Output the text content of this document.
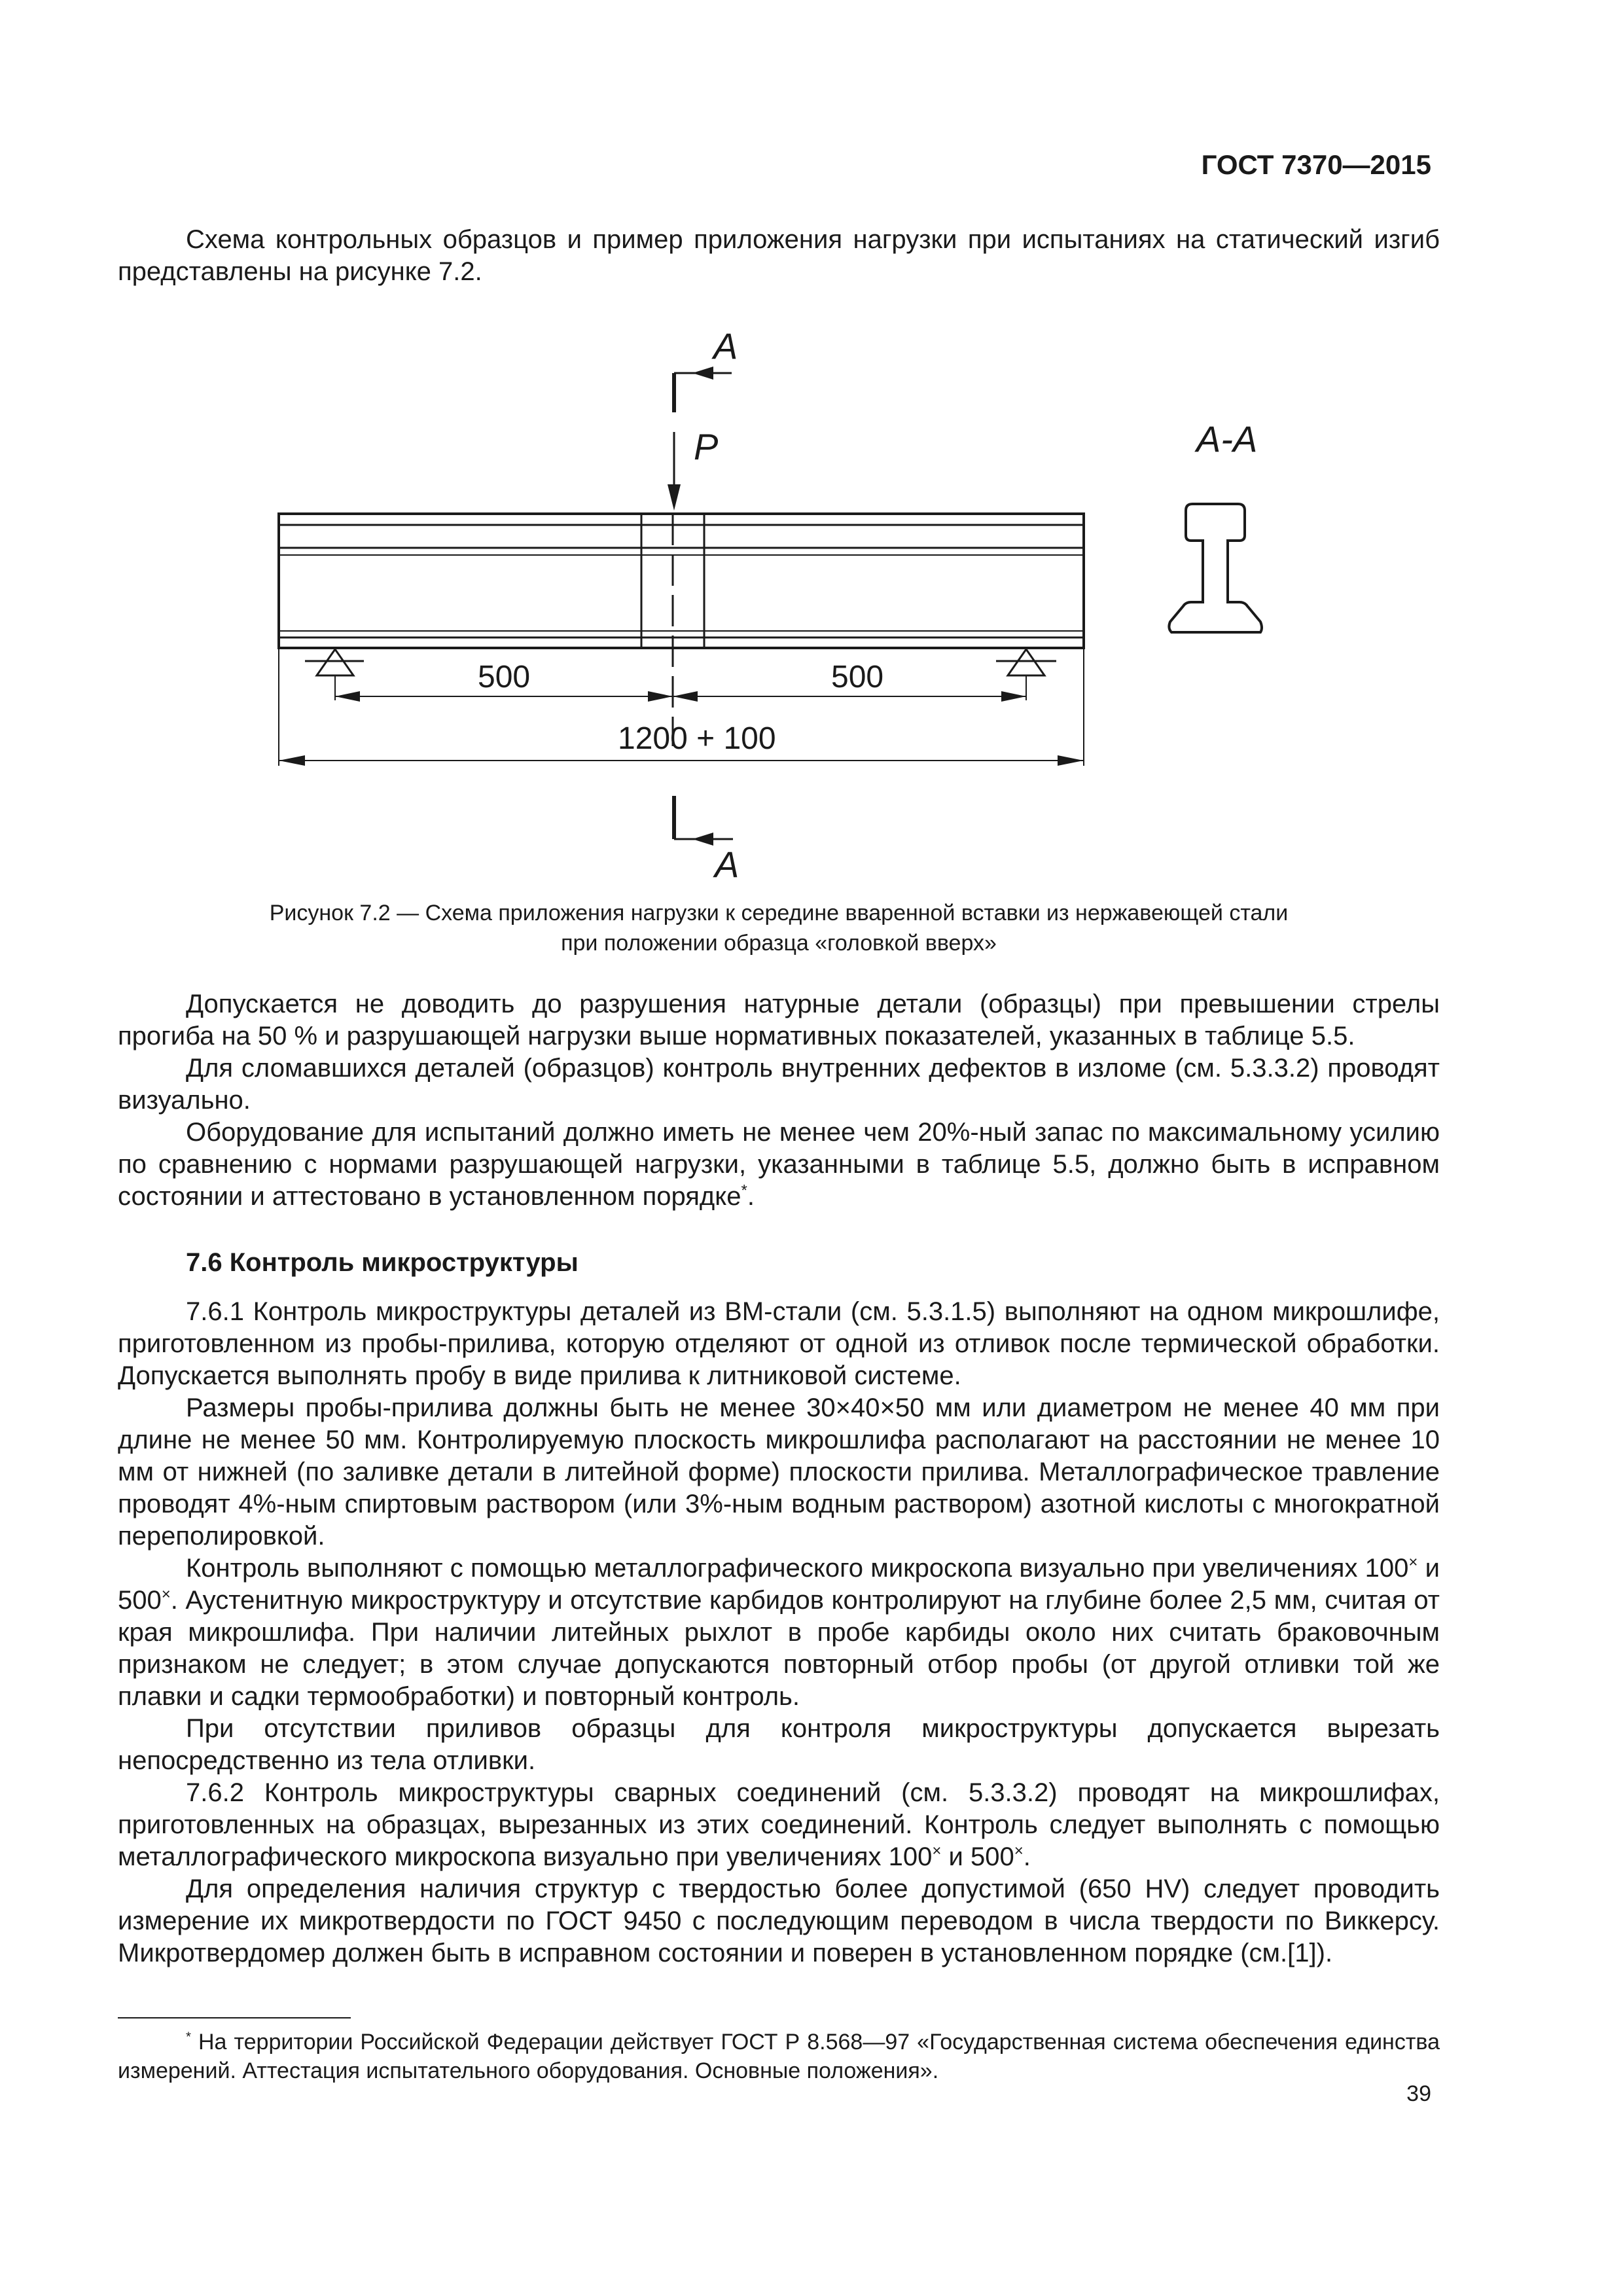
ГОСТ 7370—2015

Схема контрольных образцов и пример приложения нагрузки при испытаниях на статический изгиб представлены на рисунке 7.2.

А
P
500	500
1200 + 100
А
А-А
Рисунок 7.2 — Схема приложения нагрузки к середине вваренной вставки из нержавеющей стали
при положении образца «головкой вверх»

Допускается не доводить до разрушения натурные детали (образцы) при превышении стрелы прогиба на 50 % и разрушающей нагрузки выше нормативных показателей, указанных в таблице 5.5.

Для сломавшихся деталей (образцов) контроль внутренних дефектов в изломе (см. 5.3.3.2) проводят визуально.

Оборудование для испытаний должно иметь не менее чем 20%-ный запас по максимальному усилию по сравнению с нормами разрушающей нагрузки, указанными в таблице 5.5, должно быть в исправном состоянии и аттестовано в установленном порядке*.

7.6 Контроль микроструктуры

7.6.1 Контроль микроструктуры деталей из ВМ-стали (см. 5.3.1.5) выполняют на одном микрошлифе, приготовленном из пробы-прилива, которую отделяют от одной из отливок после термической обработки. Допускается выполнять пробу в виде прилива к литниковой системе.

Размеры пробы-прилива должны быть не менее 30×40×50 мм или диаметром не менее 40 мм при длине не менее 50 мм. Контролируемую плоскость микрошлифа располагают на расстоянии не менее 10 мм от нижней (по заливке детали в литейной форме) плоскости прилива. Металлографическое травление проводят 4%-ным спиртовым раствором (или 3%-ным водным раствором) азотной кислоты с многократной переполировкой.

Контроль выполняют с помощью металлографического микроскопа визуально при увеличениях 100× и 500×. Аустенитную микроструктуру и отсутствие карбидов контролируют на глубине более 2,5 мм, считая от края микрошлифа. При наличии литейных рыхлот в пробе карбиды около них считать браковочным признаком не следует; в этом случае допускаются повторный отбор пробы (от другой отливки той же плавки и садки термообработки) и повторный контроль.

При отсутствии приливов образцы для контроля микроструктуры допускается вырезать непосредственно из тела отливки.

7.6.2 Контроль микроструктуры сварных соединений (см. 5.3.3.2) проводят на микрошлифах, приготовленных на образцах, вырезанных из этих соединений. Контроль следует выполнять с помощью металлографического микроскопа визуально при увеличениях 100× и 500×.

Для определения наличия структур с твердостью более допустимой (650 HV) следует проводить измерение их микротвердости по ГОСТ 9450 с последующим переводом в числа твердости по Виккерсу. Микротвердомер должен быть в исправном состоянии и поверен в установленном порядке (см.[1]).

* На территории Российской Федерации действует ГОСТ Р 8.568—97 «Государственная система обеспечения единства измерений. Аттестация испытательного оборудования. Основные положения».
39
